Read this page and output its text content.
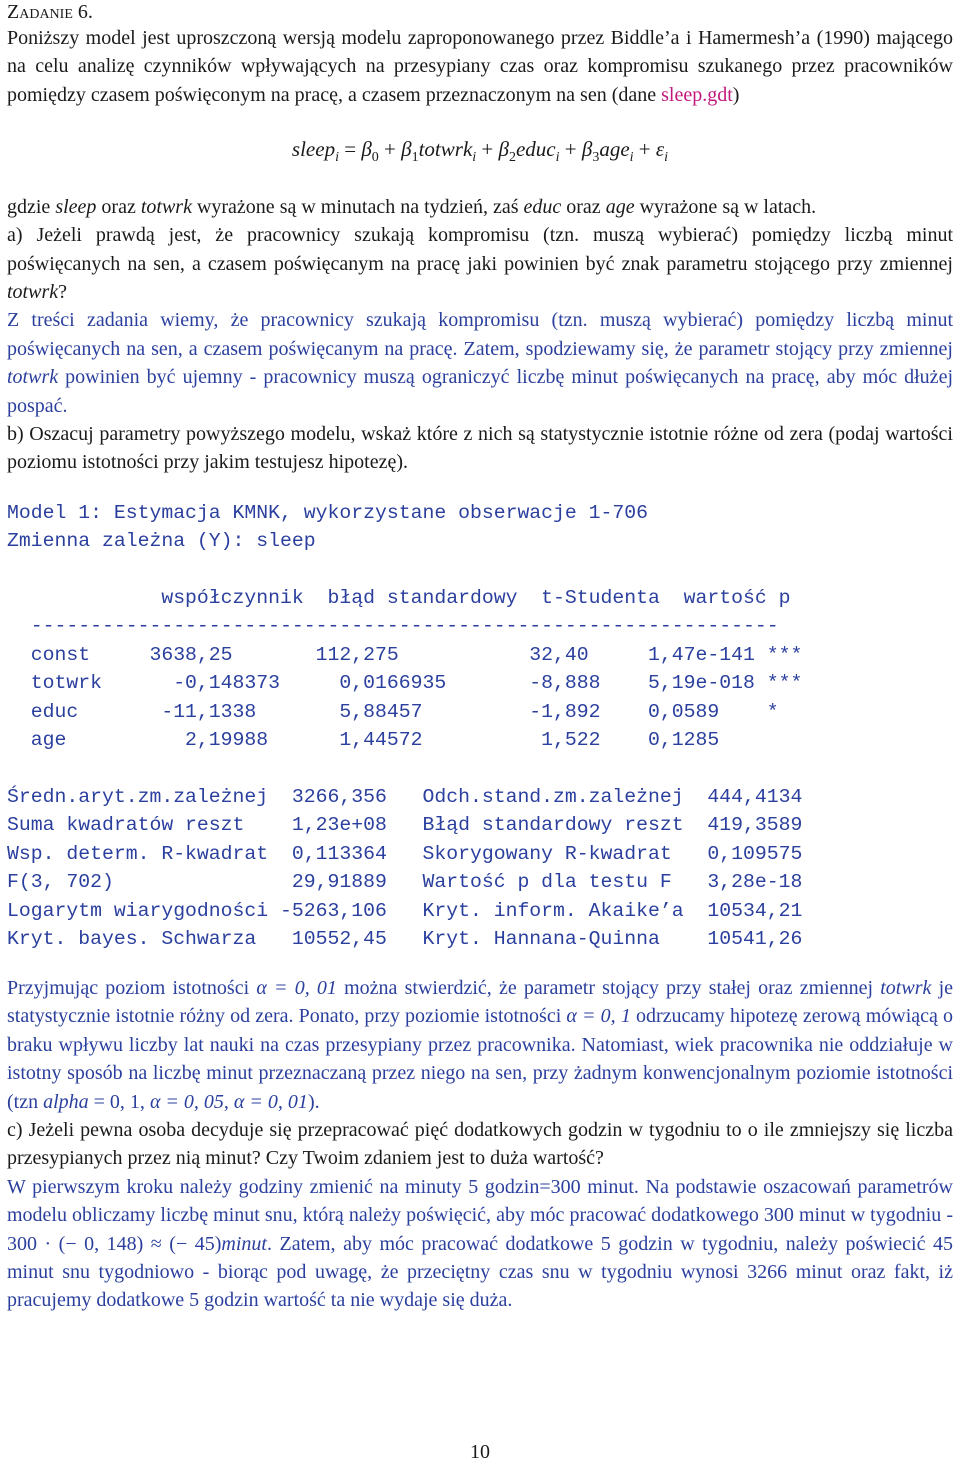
Zadanie 6.

Poniższy model jest uproszczoną wersją modelu zaproponowanego przez Biddle’a i Hamermesh’a (1990) mającego na celu analizę czynników wpływających na przesypiany czas oraz kompromisu szukanego przez pracowników pomiędzy czasem poświęconym na pracę, a czasem przeznaczonym na sen (dane sleep.gdt)

sleep$_i$ = $\beta_0$ + $\beta_1totwrk_i$ + $\beta_2educ_i + \beta_3age_i + \varepsilon_i$

gdzie sleep oraz totwrk wyrażone są w minutach na tydzień, zaś educ oraz age wyrażone są w latach.

a) Jeżeli prawdą jest, że pracownicy szukają kompromisu (tzn. muszą wybierać) pomiędzy liczbą minut poświęcanych na sen, a czasem poświęcanym na pracę jaki powinien być znak parametru stojącego przy zmiennej totwrk?

Z treści zadania wiemy, że pracownicy szukają kompromisu (tzn. muszą wybierać) pomiędzy liczbą minut poświęcanych na sen, a czasem poświęcanym na pracę. Zatem, spodziewamy się, że parametr stojący przy zmiennej totwrk powinien być ujemny - pracownicy muszą ograniczyć liczbę minut poświęcanych na pracę, aby móc dłużej pospać.

b) Oszacuj parametry powyższego modelu, wskaż które z nich są statystycznie istotnie różne od zera (podaj wartości poziomu istotności przy jakim testujesz hipotezę).

Model 1: Estymacja KMNK, wykorzystane obserwacje 1-706

Zmienna zależna (Y): sleep

współczynnik  błąd standardowy  t-Studenta  wartość p

---------------------------------------------------------------

const     3638,25       112,275           32,40     1,47e-141 ***

totwrk      -0,148373     0,0166935       -8,888    5,19e-018 ***

educ       -11,1338       5,88457         -1,892    0,0589    *

age          2,19988      1,44572          1,522    0,1285

Średn.aryt.zm.zależnej  3266,356   Odch.stand.zm.zależnej  444,4134

Suma kwadratów reszt    1,23e+08   Błąd standardowy reszt  419,3589

Wsp. determ. R-kwadrat  0,113364   Skorygowany R-kwadrat   0,109575

F(3, 702)               29,91889   Wartość p dla testu F   3,28e-18

Logarytm wiarygodności -5263,106   Kryt. inform. Akaike’a  10534,21

Kryt. bayes. Schwarza   10552,45   Kryt. Hannana-Quinna    10541,26

Przyjmując poziom istotności α = 0, 01 można stwierdzić, że parametr stojący przy stałej oraz zmiennej totwrk je statystycznie istotnie różny od zera. Ponato, przy poziomie istotności α = 0, 1 odrzucamy hipotezę zerową mówiącą o braku wpływu liczby lat nauki na czas przesypiany przez pracownika. Natomiast, wiek pracownika nie oddziałuje w istotny sposób na liczbę minut przeznaczaną przez niego na sen, przy żadnym konwencjonalnym poziomie istotności (tzn alpha = 0, 1, α = 0, 05, α = 0, 01).

c) Jeżeli pewna osoba decyduje się przepracować pięć dodatkowych godzin w tygodniu to o ile zmniejszy się liczba przesypianych przez nią minut? Czy Twoim zdaniem jest to duża wartość?

W pierwszym kroku należy godziny zmienić na minuty 5 godzin=300 minut. Na podstawie oszacowań parametrów modelu obliczamy liczbę minut snu, którą należy poświęcić, aby móc pracować dodatkowego 300 minut w tygodniu - 300 · (− 0, 148) ≈ (− 45)minut. Zatem, aby móc pracować dodatkowe 5 godzin w tygodniu, należy poświecić 45 minut snu tygodniowo - biorąc pod uwagę, że przeciętny czas snu w tygodniu wynosi 3266 minut oraz fakt, iż pracujemy dodatkowe 5 godzin wartość ta nie wydaje się duża.

10
